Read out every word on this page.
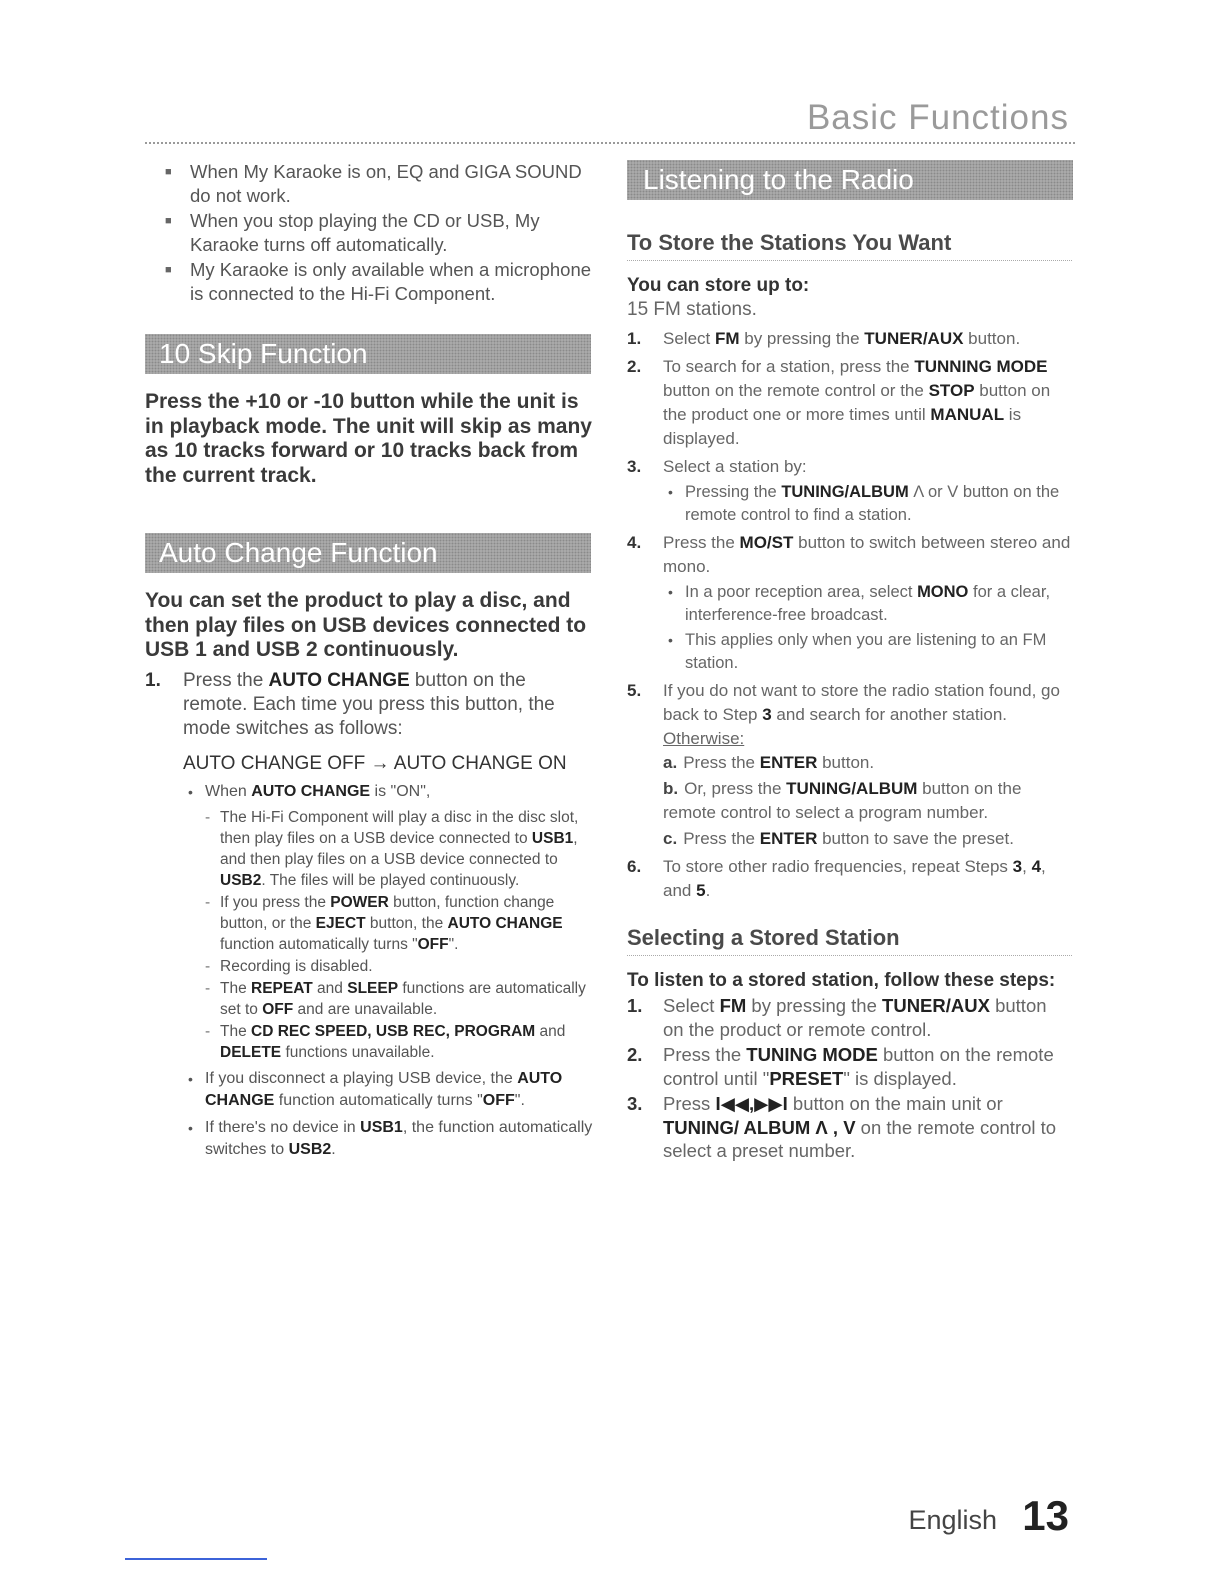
Basic Functions
■ When My Karaoke is on, EQ and GIGA SOUND do not work.
■ When you stop playing the CD or USB, My Karaoke turns off automatically.
■ My Karaoke is only available when a microphone is connected to the Hi-Fi Component.
10 Skip Function

Press the +10 or -10 button while the unit is in playback mode. The unit will skip as many as 10 tracks forward or 10 tracks back from the current track.

Auto Change Function

You can set the product to play a disc, and then play files on USB devices connected to USB 1 and USB 2 continuously.

1. Press the AUTO CHANGE button on the remote. Each time you press this button, the mode switches as follows:
AUTO CHANGE OFF → AUTO CHANGE ON
• When AUTO CHANGE is "ON",
- The Hi-Fi Component will play a disc in the disc slot, then play files on a USB device connected to USB1, and then play files on a USB device connected to USB2. The files will be played continuously.
- If you press the POWER button, function change button, or the EJECT button, the AUTO CHANGE function automatically turns "OFF".
- Recording is disabled.
- The REPEAT and SLEEP functions are automatically set to OFF and are unavailable.
- The CD REC SPEED, USB REC, PROGRAM and DELETE functions unavailable.
• If you disconnect a playing USB device, the AUTO CHANGE function automatically turns "OFF".
• If there's no device in USB1, the function automatically switches to USB2.
Listening to the Radio
To Store the Stations You Want

You can store up to:

15 FM stations.

1. Select FM by pressing the TUNER/AUX button.
2. To search for a station, press the TUNNING MODE button on the remote control or the STOP button on the product one or more times until MANUAL is displayed.
3. Select a station by:
• Pressing the TUNING/ALBUM Λ or V button on the remote control to find a station.
4. Press the MO/ST button to switch between stereo and mono.
• In a poor reception area, select MONO for a clear, interference-free broadcast.
• This applies only when you are listening to an FM station.
5. If you do not want to store the radio station found, go back to Step 3 and search for another station.
Otherwise:
a. Press the ENTER button.
b. Or, press the TUNING/ALBUM button on the remote control to select a program number.
c. Press the ENTER button to save the preset.
6. To store other radio frequencies, repeat Steps 3, 4, and 5.
Selecting a Stored Station

To listen to a stored station, follow these steps:

1. Select FM by pressing the TUNER/AUX button on the product or remote control.
2. Press the TUNING MODE button on the remote control until "PRESET" is displayed.
3. Press I◀◀,▶▶I button on the main unit or TUNING/ ALBUM Λ , V on the remote control to select a preset number.
English 13
